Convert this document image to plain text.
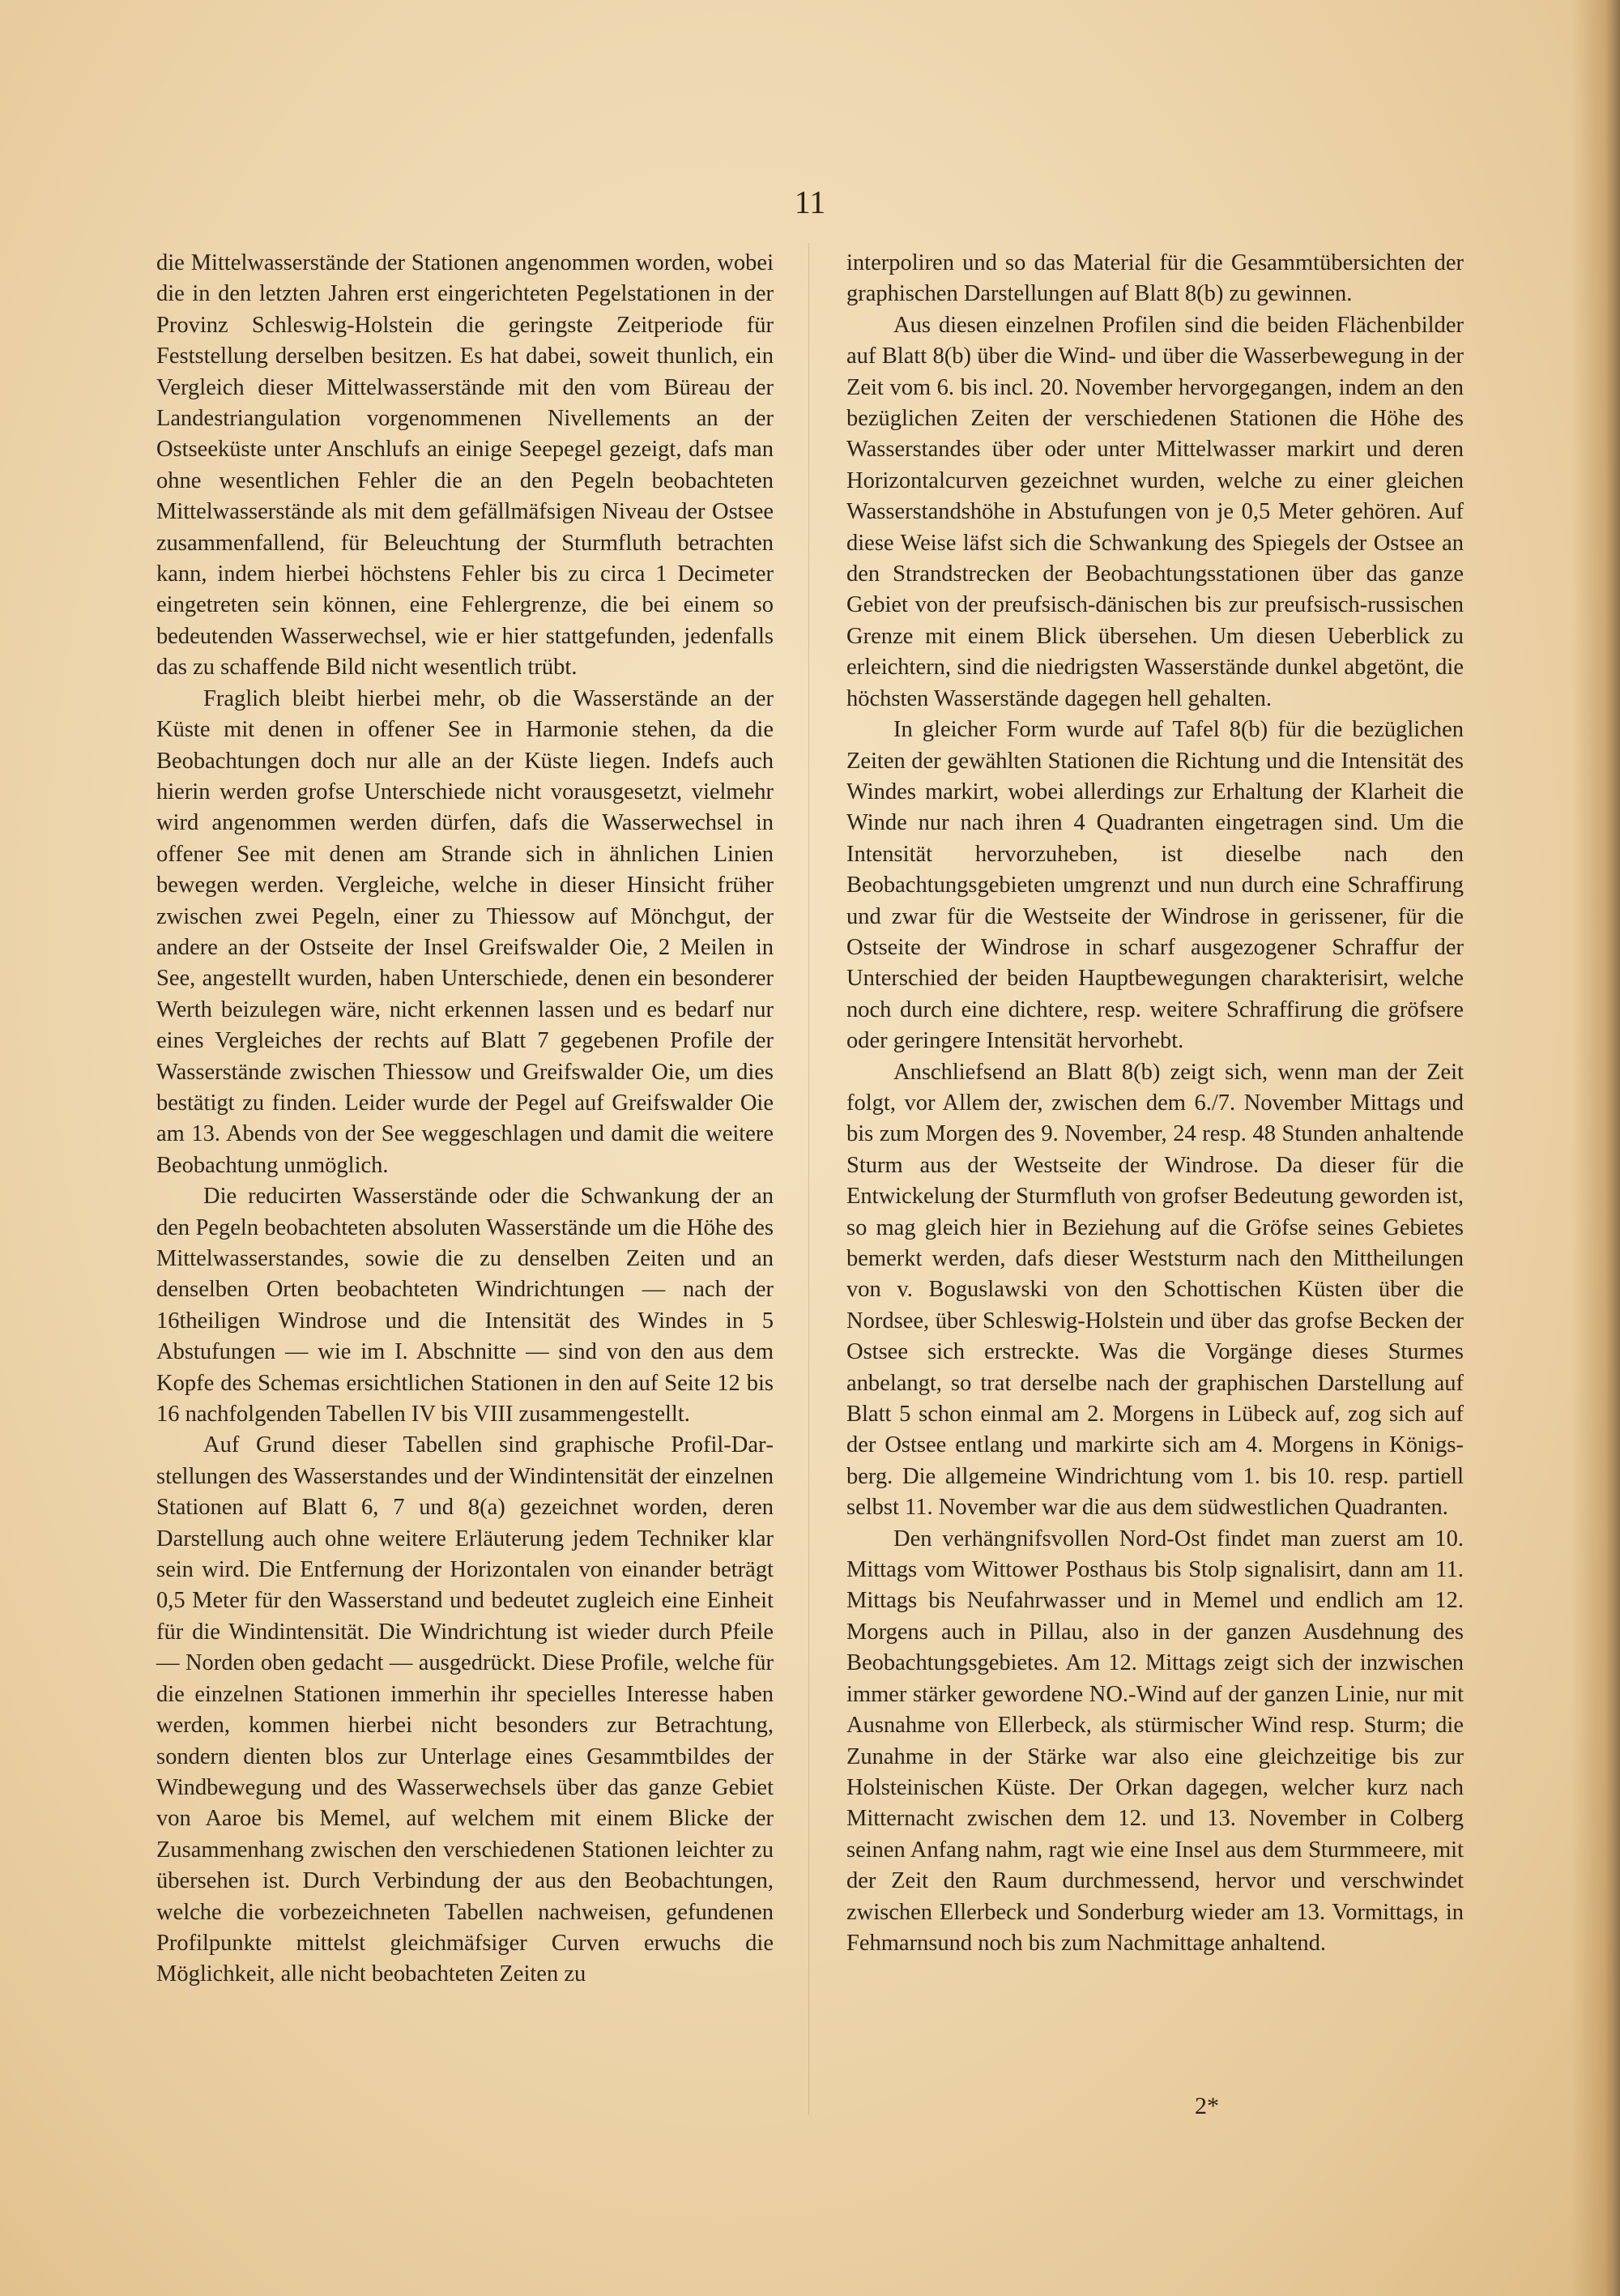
11

die Mittelwasserstände der Stationen angenommen worden, wobei die in den letzten Jahren erst eingerichteten Pegelstationen in der Provinz Schleswig-Holstein die geringste Zeitperiode für Feststellung derselben besitzen. Es hat dabei, soweit thunlich, ein Vergleich dieser Mittelwasserstände mit den vom Büreau der Landestriangulation vorgenommenen Nivellements an der Ostseeküste unter Anschlufs an einige Seepegel gezeigt, dafs man ohne wesentlichen Fehler die an den Pegeln beobachteten Mittelwasserstände als mit dem gefällmäfsigen Niveau der Ostsee zusammenfallend, für Beleuchtung der Sturmfluth betrachten kann, indem hierbei höchstens Fehler bis zu circa 1 Decimeter eingetreten sein können, eine Fehlergrenze, die bei einem so bedeutenden Wasserwechsel, wie er hier stattgefunden, jedenfalls das zu schaffende Bild nicht wesentlich trübt.

Fraglich bleibt hierbei mehr, ob die Wasserstände an der Küste mit denen in offener See in Harmonie stehen, da die Beobachtungen doch nur alle an der Küste liegen. Indefs auch hierin werden grofse Unterschiede nicht vorausgesetzt, vielmehr wird angenommen werden dürfen, dafs die Wasserwechsel in offener See mit denen am Strande sich in ähnlichen Linien bewegen werden. Vergleiche, welche in dieser Hinsicht früher zwischen zwei Pegeln, einer zu Thiessow auf Mönchgut, der andere an der Ostseite der Insel Greifswalder Oie, 2 Meilen in See, angestellt wurden, haben Unterschiede, denen ein besonderer Werth beizulegen wäre, nicht erkennen lassen und es bedarf nur eines Vergleiches der rechts auf Blatt 7 gegebenen Profile der Wasserstände zwischen Thiessow und Greifswalder Oie, um dies bestätigt zu finden. Leider wurde der Pegel auf Greifswalder Oie am 13. Abends von der See weggeschlagen und damit die weitere Beobachtung unmöglich.

Die reducirten Wasserstände oder die Schwankung der an den Pegeln beobachteten absoluten Wasserstände um die Höhe des Mittelwasserstandes, sowie die zu denselben Zeiten und an denselben Orten beobachteten Windrichtungen — nach der 16theiligen Windrose und die Intensität des Windes in 5 Abstufungen — wie im I. Abschnitte — sind von den aus dem Kopfe des Schemas ersichtlichen Stationen in den auf Seite 12 bis 16 nachfolgenden Tabellen IV bis VIII zusammengestellt.

Auf Grund dieser Tabellen sind graphische Profil-Darstellungen des Wasserstandes und der Windintensität der einzelnen Stationen auf Blatt 6, 7 und 8(a) gezeichnet worden, deren Darstellung auch ohne weitere Erläuterung jedem Techniker klar sein wird. Die Entfernung der Horizontalen von einander beträgt 0,5 Meter für den Wasserstand und bedeutet zugleich eine Einheit für die Windintensität. Die Windrichtung ist wieder durch Pfeile — Norden oben gedacht — ausgedrückt. Diese Profile, welche für die einzelnen Stationen immerhin ihr specielles Interesse haben werden, kommen hierbei nicht besonders zur Betrachtung, sondern dienten blos zur Unterlage eines Gesammtbildes der Windbewegung und des Wasserwechsels über das ganze Gebiet von Aaroe bis Memel, auf welchem mit einem Blicke der Zusammenhang zwischen den verschiedenen Stationen leichter zu übersehen ist. Durch Verbindung der aus den Beobachtungen, welche die vorbezeichneten Tabellen nachweisen, gefundenen Profilpunkte mittelst gleichmäfsiger Curven erwuchs die Möglichkeit, alle nicht beobachteten Zeiten zu

interpoliren und so das Material für die Gesammtübersichten der graphischen Darstellungen auf Blatt 8(b) zu gewinnen.

Aus diesen einzelnen Profilen sind die beiden Flächenbilder auf Blatt 8(b) über die Wind- und über die Wasserbewegung in der Zeit vom 6. bis incl. 20. November hervorgegangen, indem an den bezüglichen Zeiten der verschiedenen Stationen die Höhe des Wasserstandes über oder unter Mittelwasser markirt und deren Horizontalcurven gezeichnet wurden, welche zu einer gleichen Wasserstandshöhe in Abstufungen von je 0,5 Meter gehören. Auf diese Weise läfst sich die Schwankung des Spiegels der Ostsee an den Strandstrecken der Beobachtungsstationen über das ganze Gebiet von der preufsisch-dänischen bis zur preufsisch-russischen Grenze mit einem Blick übersehen. Um diesen Ueberblick zu erleichtern, sind die niedrigsten Wasserstände dunkel abgetönt, die höchsten Wasserstände dagegen hell gehalten.

In gleicher Form wurde auf Tafel 8(b) für die bezüglichen Zeiten der gewählten Stationen die Richtung und die Intensität des Windes markirt, wobei allerdings zur Erhaltung der Klarheit die Winde nur nach ihren 4 Quadranten eingetragen sind. Um die Intensität hervorzuheben, ist dieselbe nach den Beobachtungsgebieten umgrenzt und nun durch eine Schraffirung und zwar für die Westseite der Windrose in gerissener, für die Ostseite der Windrose in scharf ausgezogener Schraffur der Unterschied der beiden Hauptbewegungen charakterisirt, welche noch durch eine dichtere, resp. weitere Schraffirung die gröfsere oder geringere Intensität hervorhebt.

Anschliefsend an Blatt 8(b) zeigt sich, wenn man der Zeit folgt, vor Allem der, zwischen dem 6./7. November Mittags und bis zum Morgen des 9. November, 24 resp. 48 Stunden anhaltende Sturm aus der Westseite der Windrose. Da dieser für die Entwickelung der Sturmfluth von grofser Bedeutung geworden ist, so mag gleich hier in Beziehung auf die Gröfse seines Gebietes bemerkt werden, dafs dieser Weststurm nach den Mittheilungen von v. Boguslawski von den Schottischen Küsten über die Nordsee, über Schleswig-Holstein und über das grofse Becken der Ostsee sich erstreckte. Was die Vorgänge dieses Sturmes anbelangt, so trat derselbe nach der graphischen Darstellung auf Blatt 5 schon einmal am 2. Morgens in Lübeck auf, zog sich auf der Ostsee entlang und markirte sich am 4. Morgens in Königsberg. Die allgemeine Windrichtung vom 1. bis 10. resp. partiell selbst 11. November war die aus dem südwestlichen Quadranten.

Den verhängnifsvollen Nord-Ost findet man zuerst am 10. Mittags vom Wittower Posthaus bis Stolp signalisirt, dann am 11. Mittags bis Neufahrwasser und in Memel und endlich am 12. Morgens auch in Pillau, also in der ganzen Ausdehnung des Beobachtungsgebietes. Am 12. Mittags zeigt sich der inzwischen immer stärker gewordene NO.-Wind auf der ganzen Linie, nur mit Ausnahme von Ellerbeck, als stürmischer Wind resp. Sturm; die Zunahme in der Stärke war also eine gleichzeitige bis zur Holsteinischen Küste. Der Orkan dagegen, welcher kurz nach Mitternacht zwischen dem 12. und 13. November in Colberg seinen Anfang nahm, ragt wie eine Insel aus dem Sturmmeere, mit der Zeit den Raum durchmessend, hervor und verschwindet zwischen Ellerbeck und Sonderburg wieder am 13. Vormittags, in Fehmarnsund noch bis zum Nachmittage anhaltend.

2*
